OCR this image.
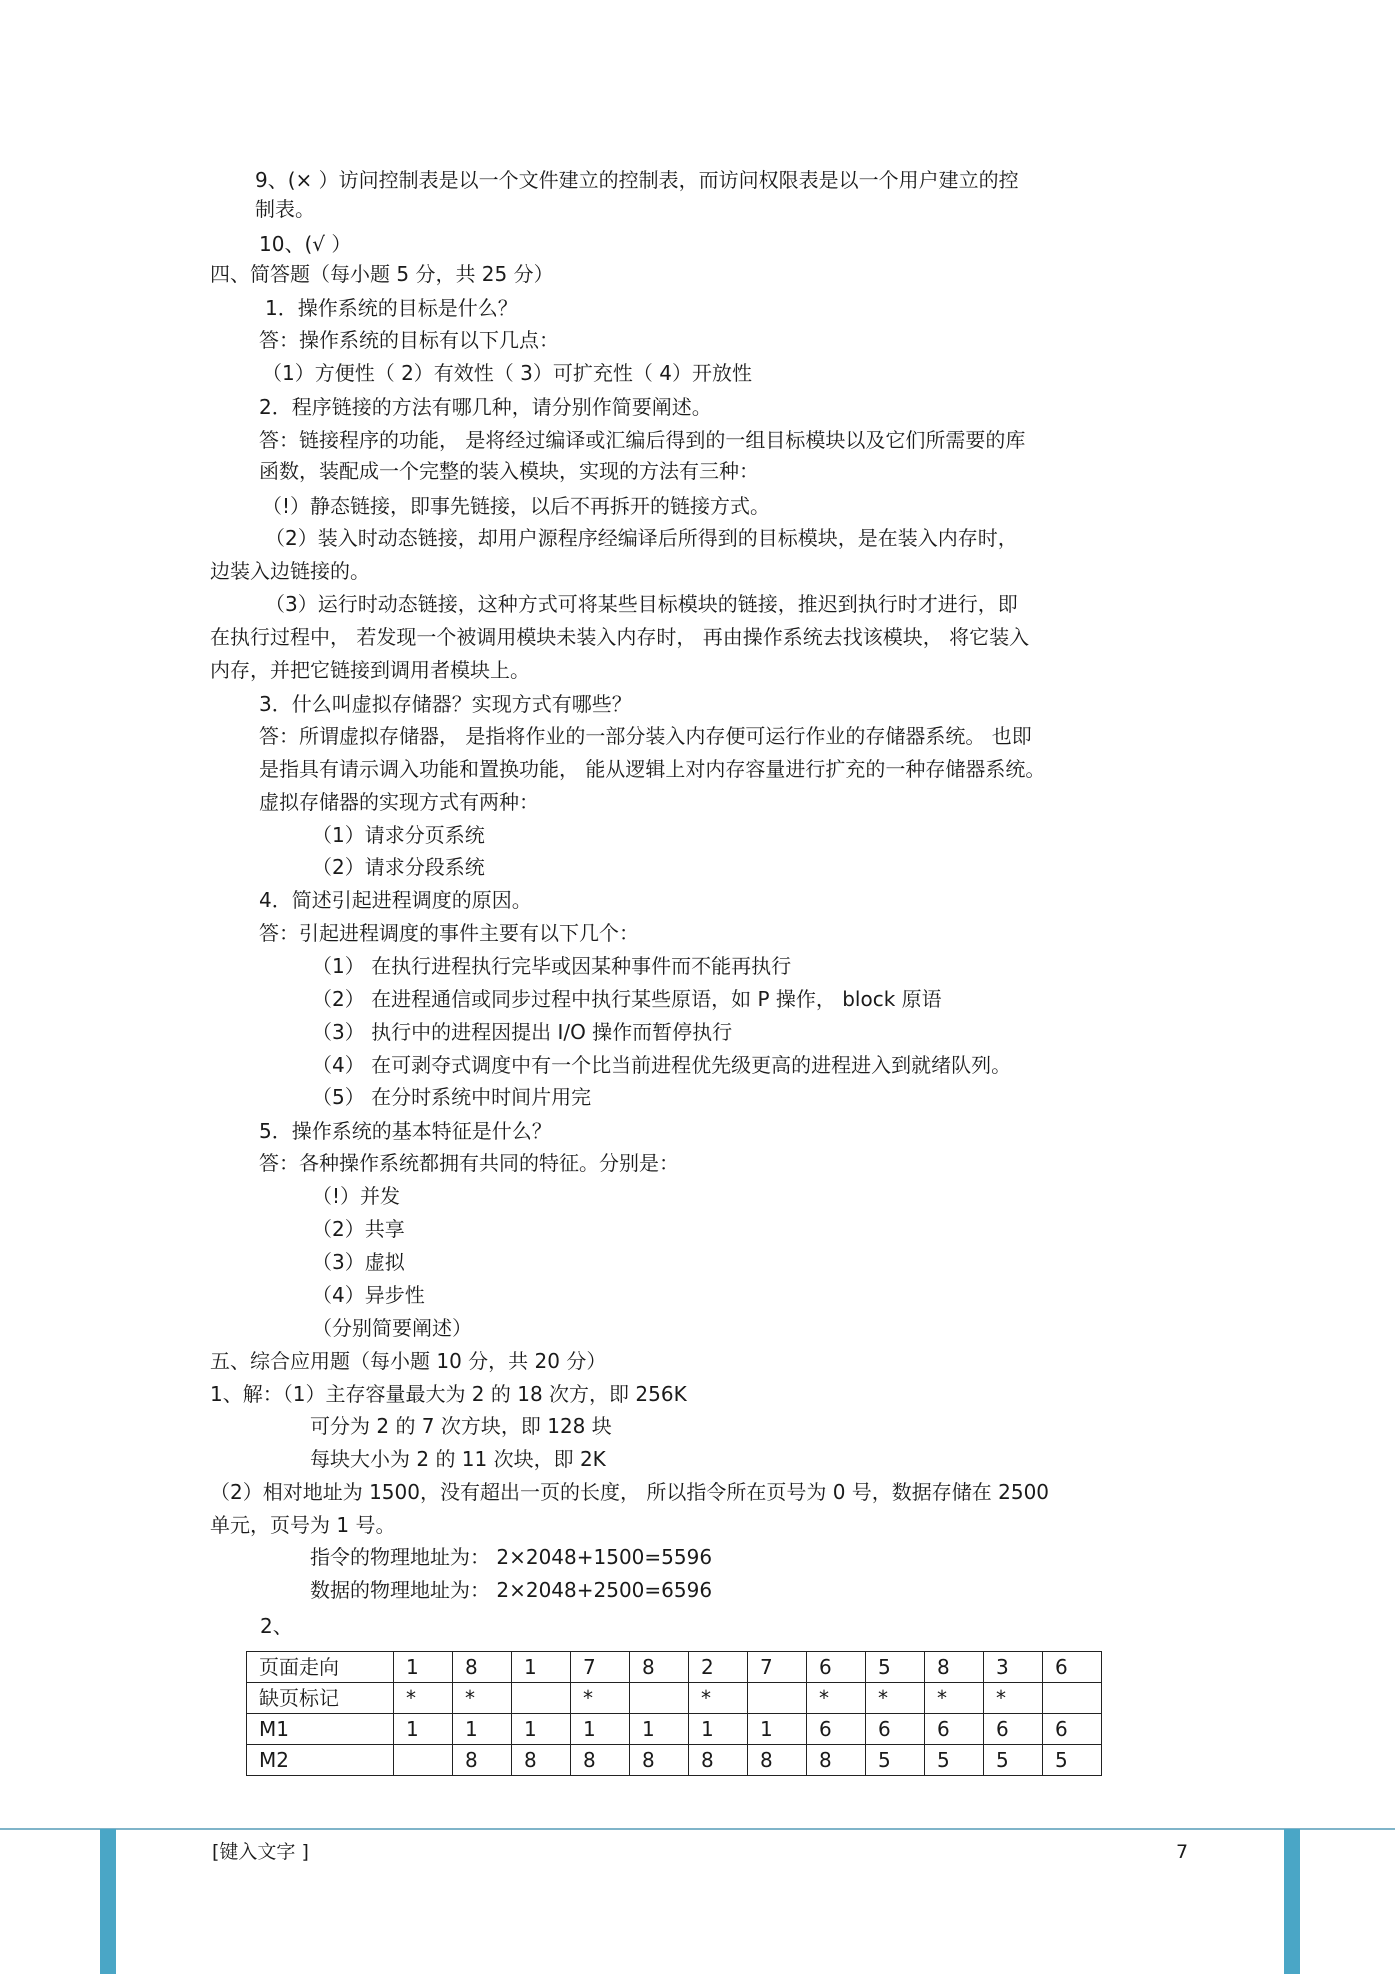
9、(× ）访问控制表是以一个文件建立的控制表，而访问权限表是以一个用户建立的控
制表。
10、(√ ）
四、简答题（每小题 5 分，共 25 分）
1．操作系统的目标是什么？
答：操作系统的目标有以下几点：
（1）方便性（ 2）有效性（ 3）可扩充性（ 4）开放性
2．程序链接的方法有哪几种，请分别作简要阐述。
答：链接程序的功能， 是将经过编译或汇编后得到的一组目标模块以及它们所需要的库
函数，装配成一个完整的装入模块，实现的方法有三种：
（!）静态链接，即事先链接，以后不再拆开的链接方式。
（2）装入时动态链接，却用户源程序经编译后所得到的目标模块，是在装入内存时，
边装入边链接的。
（3）运行时动态链接，这种方式可将某些目标模块的链接，推迟到执行时才进行，即
在执行过程中， 若发现一个被调用模块未装入内存时， 再由操作系统去找该模块， 将它装入
内存，并把它链接到调用者模块上。
3．什么叫虚拟存储器？实现方式有哪些？
答：所谓虚拟存储器， 是指将作业的一部分装入内存便可运行作业的存储器系统。 也即
是指具有请示调入功能和置换功能， 能从逻辑上对内存容量进行扩充的一种存储器系统。
虚拟存储器的实现方式有两种：
（1）请求分页系统
（2）请求分段系统
4．简述引起进程调度的原因。
答：引起进程调度的事件主要有以下几个：
（1） 在执行进程执行完毕或因某种事件而不能再执行
（2） 在进程通信或同步过程中执行某些原语，如 P 操作， block 原语
（3） 执行中的进程因提出 I/O 操作而暂停执行
（4） 在可剥夺式调度中有一个比当前进程优先级更高的进程进入到就绪队列。
（5） 在分时系统中时间片用完
5．操作系统的基本特征是什么？
答：各种操作系统都拥有共同的特征。分别是：
（!）并发
（2）共享
（3）虚拟
（4）异步性
（分别简要阐述）
五、综合应用题（每小题 10 分，共 20 分）
1、解：（1）主存容量最大为 2 的 18 次方，即 256K
可分为 2 的 7 次方块，即 128 块
每块大小为 2 的 11 次块，即 2K
（2）相对地址为 1500，没有超出一页的长度， 所以指令所在页号为 0 号，数据存储在 2500
单元，页号为 1 号。
指令的物理地址为： 2×2048+1500=5596
数据的物理地址为： 2×2048+2500=6596
2、
页面走向	1	8	1	7	8	2	7	6	5	8	3	6
缺页标记	*	*		*		*		*	*	*	*	
M1	1	1	1	1	1	1	1	6	6	6	6	6
M2		8	8	8	8	8	8	8	5	5	5	5
[键入文字 ]	7
